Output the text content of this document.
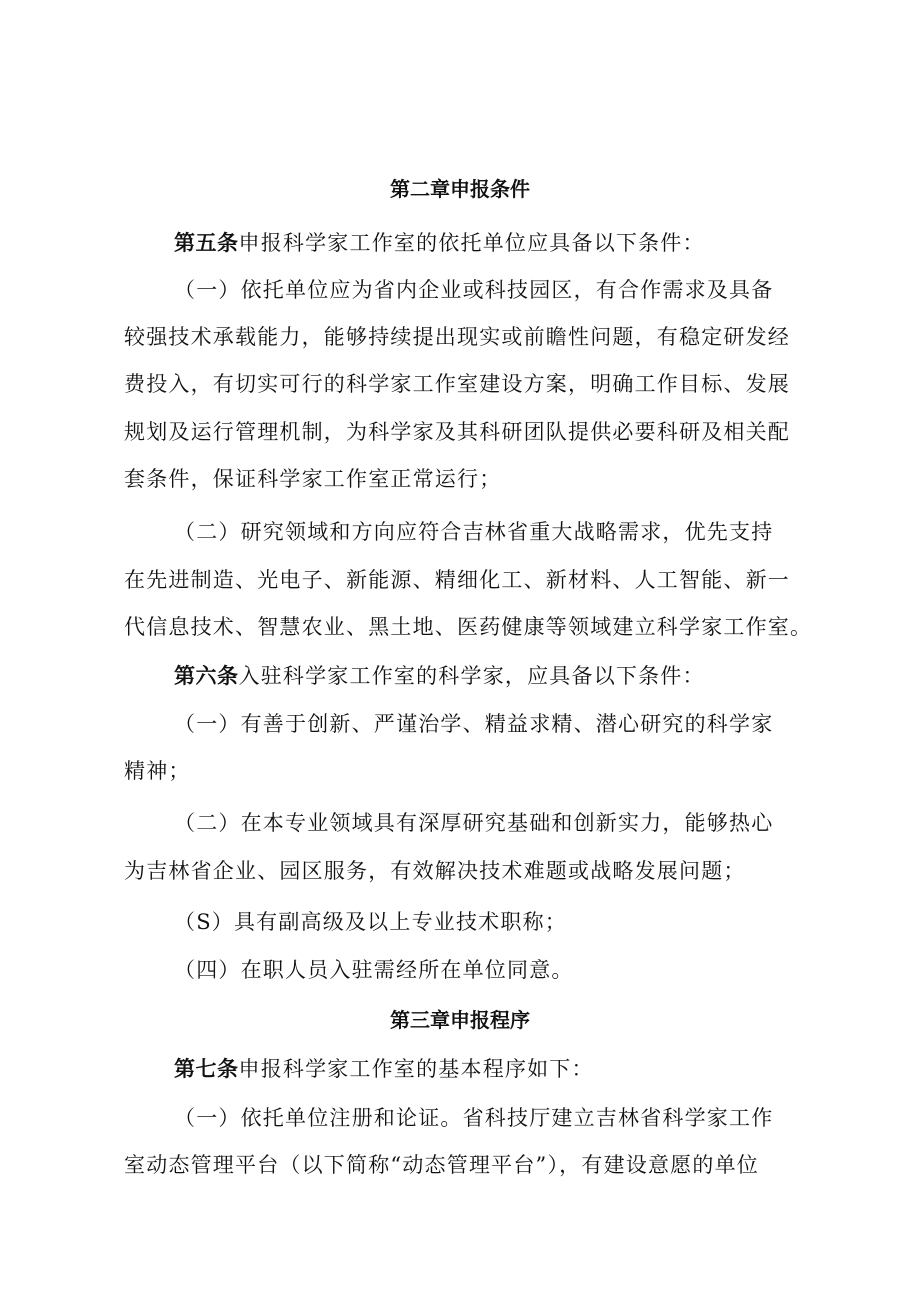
第二章申报条件
第五条申报科学家工作室的依托单位应具备以下条件：
（一）依托单位应为省内企业或科技园区，有合作需求及具备
较强技术承载能力，能够持续提出现实或前瞻性问题，有稳定研发经
费投入，有切实可行的科学家工作室建设方案，明确工作目标、发展
规划及运行管理机制，为科学家及其科研团队提供必要科研及相关配
套条件，保证科学家工作室正常运行；
（二）研究领域和方向应符合吉林省重大战略需求，优先支持
在先进制造、光电子、新能源、精细化工、新材料、人工智能、新一
代信息技术、智慧农业、黑土地、医药健康等领域建立科学家工作室。
第六条入驻科学家工作室的科学家，应具备以下条件：
（一）有善于创新、严谨治学、精益求精、潜心研究的科学家
精神；
（二）在本专业领域具有深厚研究基础和创新实力，能够热心
为吉林省企业、园区服务，有效解决技术难题或战略发展问题；
（S）具有副高级及以上专业技术职称；
（四）在职人员入驻需经所在单位同意。
第三章申报程序
第七条申报科学家工作室的基本程序如下：
（一）依托单位注册和论证。省科技厅建立吉林省科学家工作
室动态管理平台（以下简称“动态管理平台”），有建设意愿的单位
